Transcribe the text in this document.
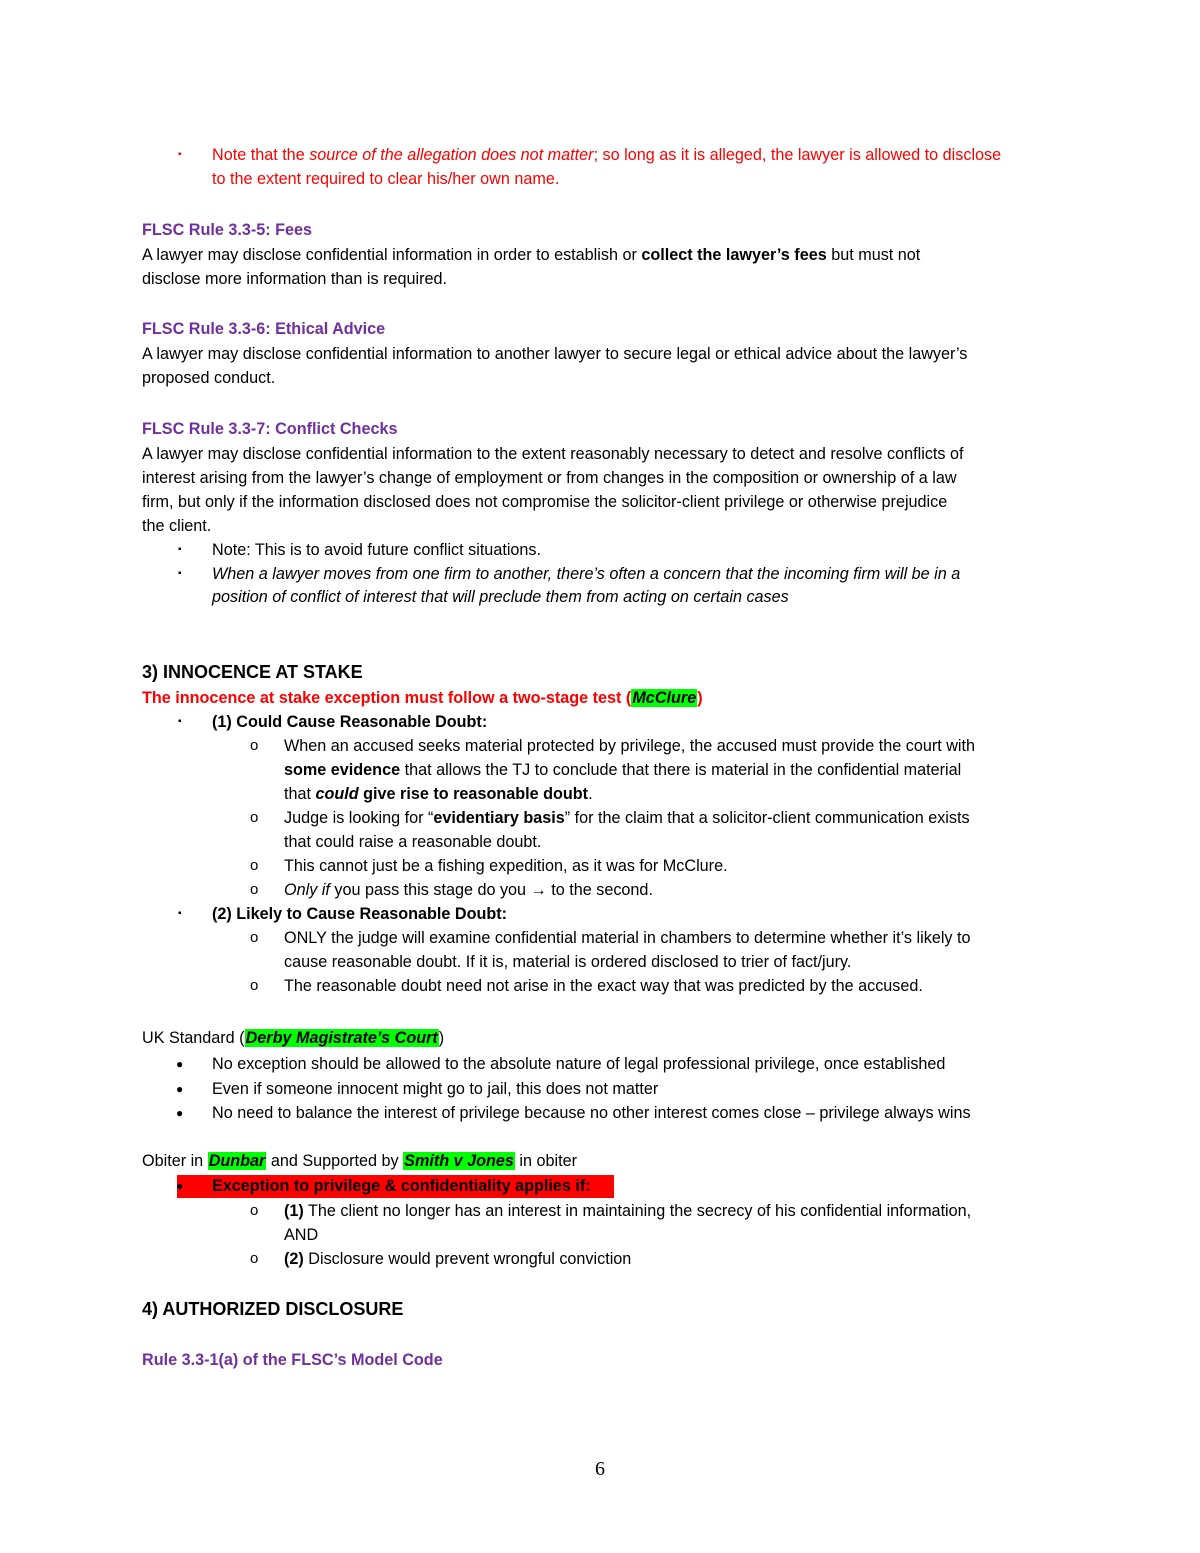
▪ Note that the source of the allegation does not matter; so long as it is alleged, the lawyer is allowed to disclose
to the extent required to clear his/her own name.
FLSC Rule 3.3-5: Fees
A lawyer may disclose confidential information in order to establish or collect the lawyer’s fees but must not
disclose more information than is required.
FLSC Rule 3.3-6: Ethical Advice
A lawyer may disclose confidential information to another lawyer to secure legal or ethical advice about the lawyer’s
proposed conduct.
FLSC Rule 3.3-7: Conflict Checks
A lawyer may disclose confidential information to the extent reasonably necessary to detect and resolve conflicts of
interest arising from the lawyer’s change of employment or from changes in the composition or ownership of a law
firm, but only if the information disclosed does not compromise the solicitor-client privilege or otherwise prejudice
the client.
▪ Note: This is to avoid future conflict situations.
▪ When a lawyer moves from one firm to another, there’s often a concern that the incoming firm will be in a
position of conflict of interest that will preclude them from acting on certain cases
3) INNOCENCE AT STAKE
The innocence at stake exception must follow a two-stage test (McClure)
▪ (1) Could Cause Reasonable Doubt:
o When an accused seeks material protected by privilege, the accused must provide the court with
some evidence that allows the TJ to conclude that there is material in the confidential material
that could give rise to reasonable doubt.
o Judge is looking for “evidentiary basis” for the claim that a solicitor-client communication exists
that could raise a reasonable doubt.
o This cannot just be a fishing expedition, as it was for McClure.
o Only if you pass this stage do you → to the second.
▪ (2) Likely to Cause Reasonable Doubt:
o ONLY the judge will examine confidential material in chambers to determine whether it’s likely to
cause reasonable doubt. If it is, material is ordered disclosed to trier of fact/jury.
o The reasonable doubt need not arise in the exact way that was predicted by the accused.
UK Standard (Derby Magistrate’s Court)
● No exception should be allowed to the absolute nature of legal professional privilege, once established
● Even if someone innocent might go to jail, this does not matter
● No need to balance the interest of privilege because no other interest comes close – privilege always wins
Obiter in Dunbar and Supported by Smith v Jones in obiter
● Exception to privilege & confidentiality applies if:
o (1) The client no longer has an interest in maintaining the secrecy of his confidential information,
AND
o (2) Disclosure would prevent wrongful conviction
4) AUTHORIZED DISCLOSURE
Rule 3.3-1(a) of the FLSC’s Model Code
6
